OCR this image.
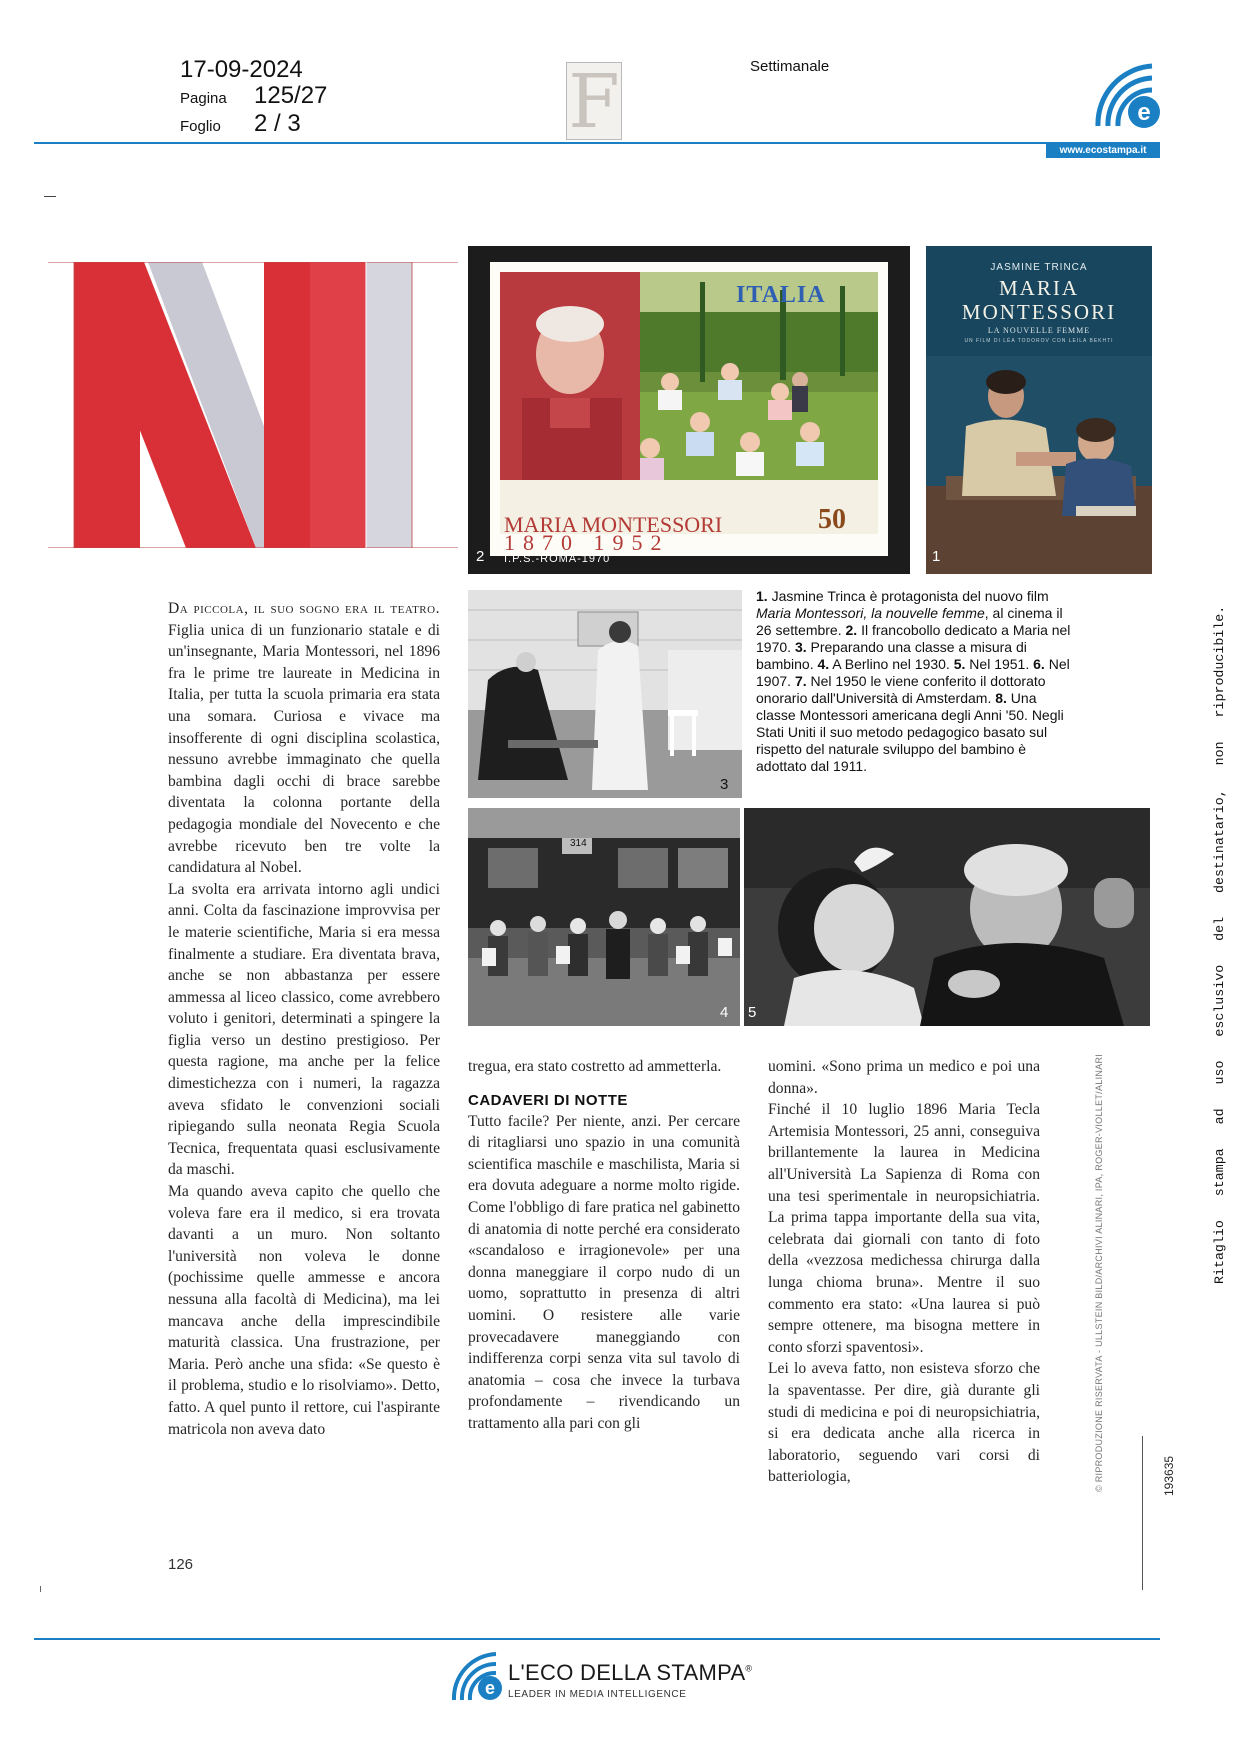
17-09-2024
Pagina 125/27
Foglio 2 / 3	F	Settimanale
e
www.ecostampa.it
ITALIA
MARIA MONTESSORI
1870 1952
50
I.P.S.-ROMA-1970
2
JASMINE TRINCA
MARIA
MONTESSORI
LA NOUVELLE FEMME
UN FILM DI LÉA TODOROV CON LEILA BEKHTI
1
3

1. Jasmine Trinca è protagonista del nuovo film Maria Montessori, la nouvelle femme, al cinema il 26 settembre. 2. Il francobollo dedicato a Maria nel 1970. 3. Preparando una classe a misura di bambino. 4. A Berlino nel 1930. 5. Nel 1951. 6. Nel 1907. 7. Nel 1950 le viene conferito il dottorato onorario dall'Università di Amsterdam. 8. Una classe Montessori americana degli Anni '50. Negli Stati Uniti il suo metodo pedagogico basato sul rispetto del naturale sviluppo del bambino è adottato dal 1911.

314
4 5

Da piccola, il suo sogno era il teatro. Figlia unica di un funzionario statale e di un'insegnante, Maria Montessori, nel 1896 fra le prime tre laureate in Medicina in Italia, per tutta la scuola primaria era stata una somara. Curiosa e vivace ma insofferente di ogni disciplina scolastica, nessuno avrebbe immaginato che quella bambina dagli occhi di brace sarebbe diventata la colonna portante della pedagogia mondiale del Novecento e che avrebbe ricevuto ben tre volte la candidatura al Nobel.

La svolta era arrivata intorno agli undici anni. Colta da fascinazione improvvisa per le materie scientifiche, Maria si era messa finalmente a studiare. Era diventata brava, anche se non abbastanza per essere ammessa al liceo classico, come avrebbero voluto i genitori, determinati a spingere la figlia verso un destino prestigioso. Per questa ragione, ma anche per la felice dimestichezza con i numeri, la ragazza aveva sfidato le convenzioni sociali ripiegando sulla neonata Regia Scuola Tecnica, frequentata quasi esclusivamente da maschi.

Ma quando aveva capito che quello che voleva fare era il medico, si era trovata davanti a un muro. Non soltanto l'università non voleva le donne (pochissime quelle ammesse e ancora nessuna alla facoltà di Medicina), ma lei mancava anche della imprescindibile maturità classica. Una frustrazione, per Maria. Però anche una sfida: «Se questo è il problema, studio e lo risolviamo». Detto, fatto. A quel punto il rettore, cui l'aspirante matricola non aveva dato

tregua, era stato costretto ad ammetterla.

CADAVERI DI NOTTE

Tutto facile? Per niente, anzi. Per cercare di ritagliarsi uno spazio in una comunità scientifica maschile e maschilista, Maria si era dovuta adeguare a norme molto rigide. Come l'obbligo di fare pratica nel gabinetto di anatomia di notte perché era considerato «scandaloso e irragionevole» per una donna maneggiare il corpo nudo di un uomo, soprattutto in presenza di altri uomini. O resistere alle varie provecadavere maneggiando con indifferenza corpi senza vita sul tavolo di anatomia – cosa che invece la turbava profondamente – rivendicando un trattamento alla pari con gli

uomini. «Sono prima un medico e poi una donna».

Finché il 10 luglio 1896 Maria Tecla Artemisia Montessori, 25 anni, conseguiva brillantemente la laurea in Medicina all'Università La Sapienza di Roma con una tesi sperimentale in neuropsichiatria. La prima tappa importante della sua vita, celebrata dai giornali con tanto di foto della «vezzosa medichessa chirurga dalla lunga chioma bruna». Mentre il suo commento era stato: «Una laurea si può sempre ottenere, ma bisogna mettere in conto sforzi spaventosi».

Lei lo aveva fatto, non esisteva sforzo che la spaventasse. Per dire, già durante gli studi di medicina e poi di neuropsichiatria, si era dedicata anche alla ricerca in laboratorio, seguendo vari corsi di batteriologia,	© RIPRODUZIONE RISERVATA - ULLSTEIN BILD/ARCHIVI ALINARI, IPA, ROGER-VIOLLET/ALINARI	193635
Ritaglio   stampa   ad   uso   esclusivo   del   destinatario,   non   riproducibile.
126
e
L'ECO DELLA STAMPA®
LEADER IN MEDIA INTELLIGENCE
